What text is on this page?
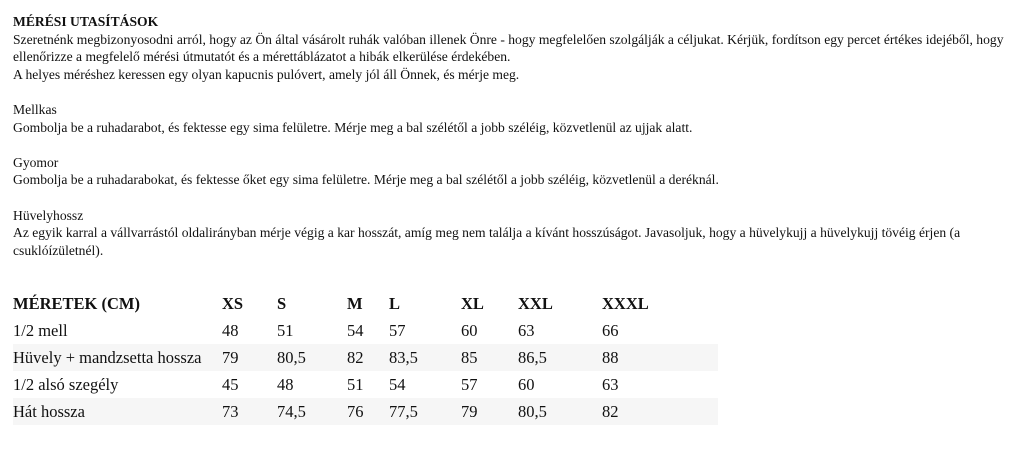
MÉRÉSI UTASÍTÁSOK

Szeretnénk megbizonyosodni arról, hogy az Ön által vásárolt ruhák valóban illenek Önre - hogy megfelelően szolgálják a céljukat. Kérjük, fordítson egy percet értékes idejéből, hogy ellenőrizze a megfelelő mérési útmutatót és a mérettáblázatot a hibák elkerülése érdekében.

A helyes méréshez keressen egy olyan kapucnis pulóvert, amely jól áll Önnek, és mérje meg.

Mellkas

Gombolja be a ruhadarabot, és fektesse egy sima felületre. Mérje meg a bal szélétől a jobb széléig, közvetlenül az ujjak alatt.

Gyomor

Gombolja be a ruhadarabokat, és fektesse őket egy sima felületre. Mérje meg a bal szélétől a jobb széléig, közvetlenül a deréknál.

Hüvelyhossz

Az egyik karral a vállvarrástól oldalirányban mérje végig a kar hosszát, amíg meg nem találja a kívánt hosszúságot. Javasoljuk, hogy a hüvelykujj a hüvelykujj tövéig érjen (a csuklóízületnél).

MÉRETEK (CM)	XS	S	M	L	XL	XXL	XXXL
1/2 mell	48	51	54	57	60	63	66
Hüvely + mandzsetta hossza	79	80,5	82	83,5	85	86,5	88
1/2 alsó szegély	45	48	51	54	57	60	63
Hát hossza	73	74,5	76	77,5	79	80,5	82
